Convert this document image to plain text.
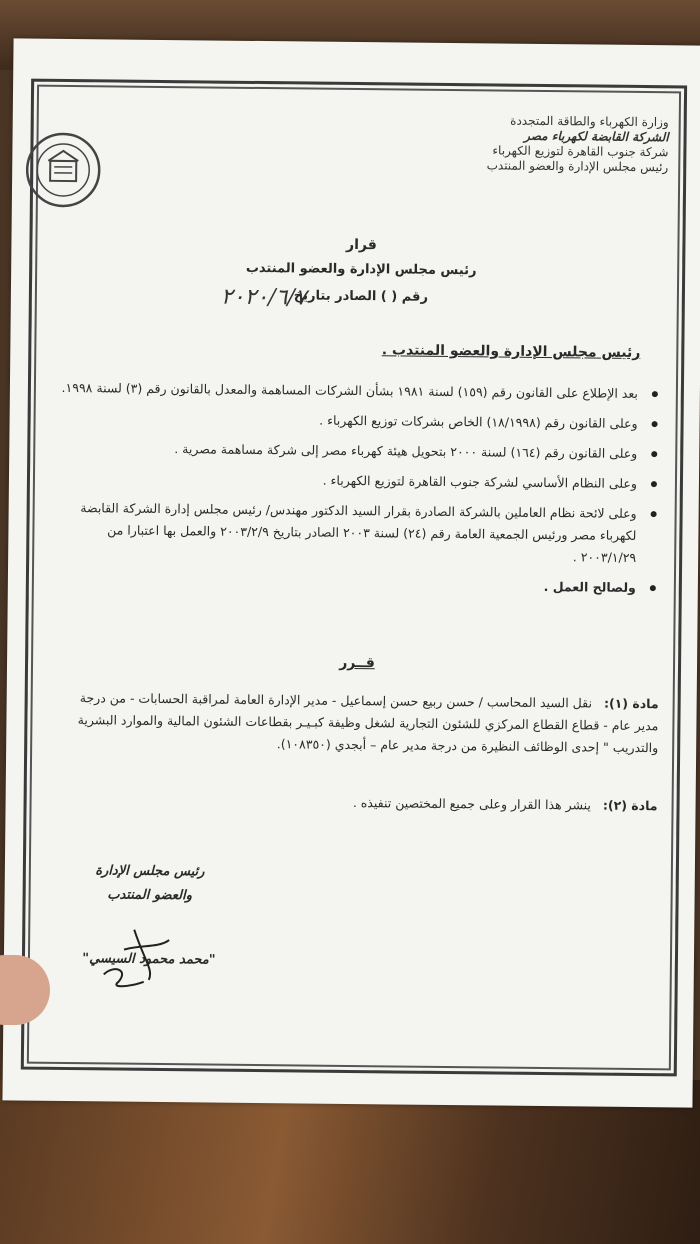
وزارة الكهرباء والطاقة المتجددة
الشركة القابضة لكهرباء مصر
شركة جنوب القاهرة لتوزيع الكهرباء
رئيس مجلس الإدارة والعضو المنتدب
قرار
رئيس مجلس الإدارة والعضو المنتدب
رقم ( ) الصادر بتاريخ
٢٠٢٠/٦/٧
رئيس مجلس الإدارة والعضو المنتدب .
بعد الإطلاع على القانون رقم (١٥٩) لسنة ١٩٨١ بشأن الشركات المساهمة والمعدل بالقانون رقم (٣) لسنة ١٩٩٨.
وعلى القانون رقم (١٨/١٩٩٨) الخاص بشركات توزيع الكهرباء .
وعلى القانون رقم (١٦٤) لسنة ٢٠٠٠ بتحويل هيئة كهرباء مصر إلى شركة مساهمة مصرية .
وعلى النظام الأساسي لشركة جنوب القاهرة لتوزيع الكهرباء .
وعلى لائحة نظام العاملين بالشركة الصادرة بقرار السيد الدكتور مهندس/ رئيس مجلس إدارة الشركة القابضة لكهرباء مصر ورئيس الجمعية العامة رقم (٢٤) لسنة ٢٠٠٣ الصادر بتاريخ ٢٠٠٣/٢/٩ والعمل بها اعتبارا من ٢٠٠٣/١/٢٩ .
ولصالح العمل .
قــرر
مادة (١): نقل السيد المحاسب / حسن ربيع حسن إسماعيل - مدير الإدارة العامة لمراقبة الحسابات - من درجة مدير عام - قطاع القطاع المركزي للشئون التجارية لشغل وظيفة كبـيـر بقطاعات الشئون المالية والموارد البشرية والتدريب " إحدى الوظائف النظيرة من درجة مدير عام – أبجدي (١٠٨٣٥٠).
مادة (٢): ينشر هذا القرار وعلى جميع المختصين تنفيذه .
رئيس مجلس الإدارة
والعضو المنتدب
"محمد محمود السيسي"
